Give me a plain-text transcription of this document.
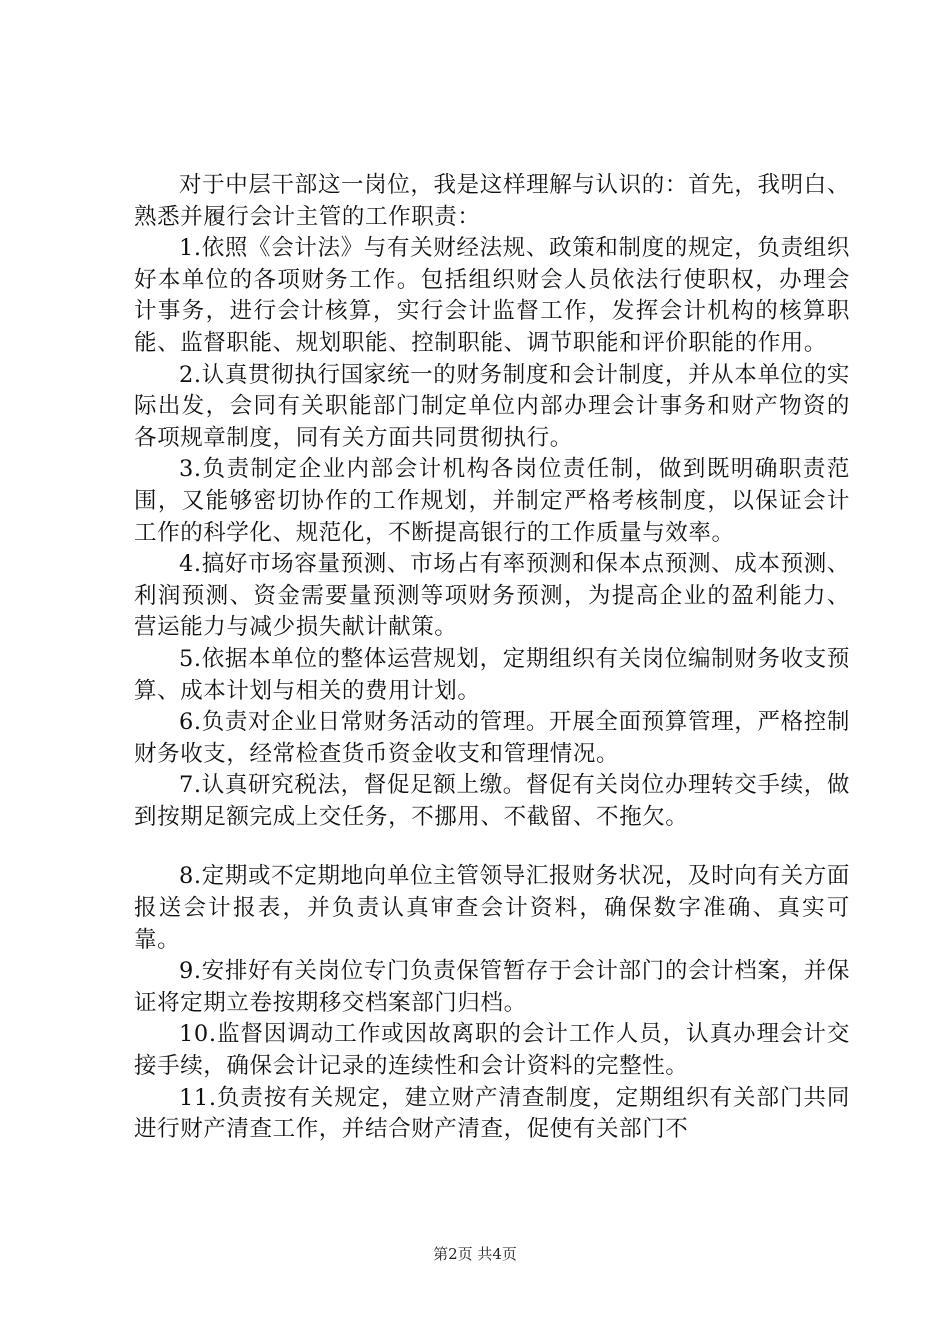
对于中层干部这一岗位，我是这样理解与认识的：首先，我明白、熟悉并履行会计主管的工作职责：

1.依照《会计法》与有关财经法规、政策和制度的规定，负责组织好本单位的各项财务工作。包括组织财会人员依法行使职权，办理会计事务，进行会计核算，实行会计监督工作，发挥会计机构的核算职能、监督职能、规划职能、控制职能、调节职能和评价职能的作用。

2.认真贯彻执行国家统一的财务制度和会计制度，并从本单位的实际出发，会同有关职能部门制定单位内部办理会计事务和财产物资的各项规章制度，同有关方面共同贯彻执行。

3.负责制定企业内部会计机构各岗位责任制，做到既明确职责范围，又能够密切协作的工作规划，并制定严格考核制度，以保证会计工作的科学化、规范化，不断提高银行的工作质量与效率。

4.搞好市场容量预测、市场占有率预测和保本点预测、成本预测、利润预测、资金需要量预测等项财务预测，为提高企业的盈利能力、营运能力与减少损失献计献策。

5.依据本单位的整体运营规划，定期组织有关岗位编制财务收支预算、成本计划与相关的费用计划。

6.负责对企业日常财务活动的管理。开展全面预算管理，严格控制财务收支，经常检查货币资金收支和管理情况。

7.认真研究税法，督促足额上缴。督促有关岗位办理转交手续，做到按期足额完成上交任务，不挪用、不截留、不拖欠。

8.定期或不定期地向单位主管领导汇报财务状况，及时向有关方面报送会计报表，并负责认真审查会计资料，确保数字准确、真实可靠。

9.安排好有关岗位专门负责保管暂存于会计部门的会计档案，并保证将定期立卷按期移交档案部门归档。

10.监督因调动工作或因故离职的会计工作人员，认真办理会计交接手续，确保会计记录的连续性和会计资料的完整性。

11.负责按有关规定，建立财产清查制度，定期组织有关部门共同进行财产清查工作，并结合财产清查，促使有关部门不

第2页 共4页
